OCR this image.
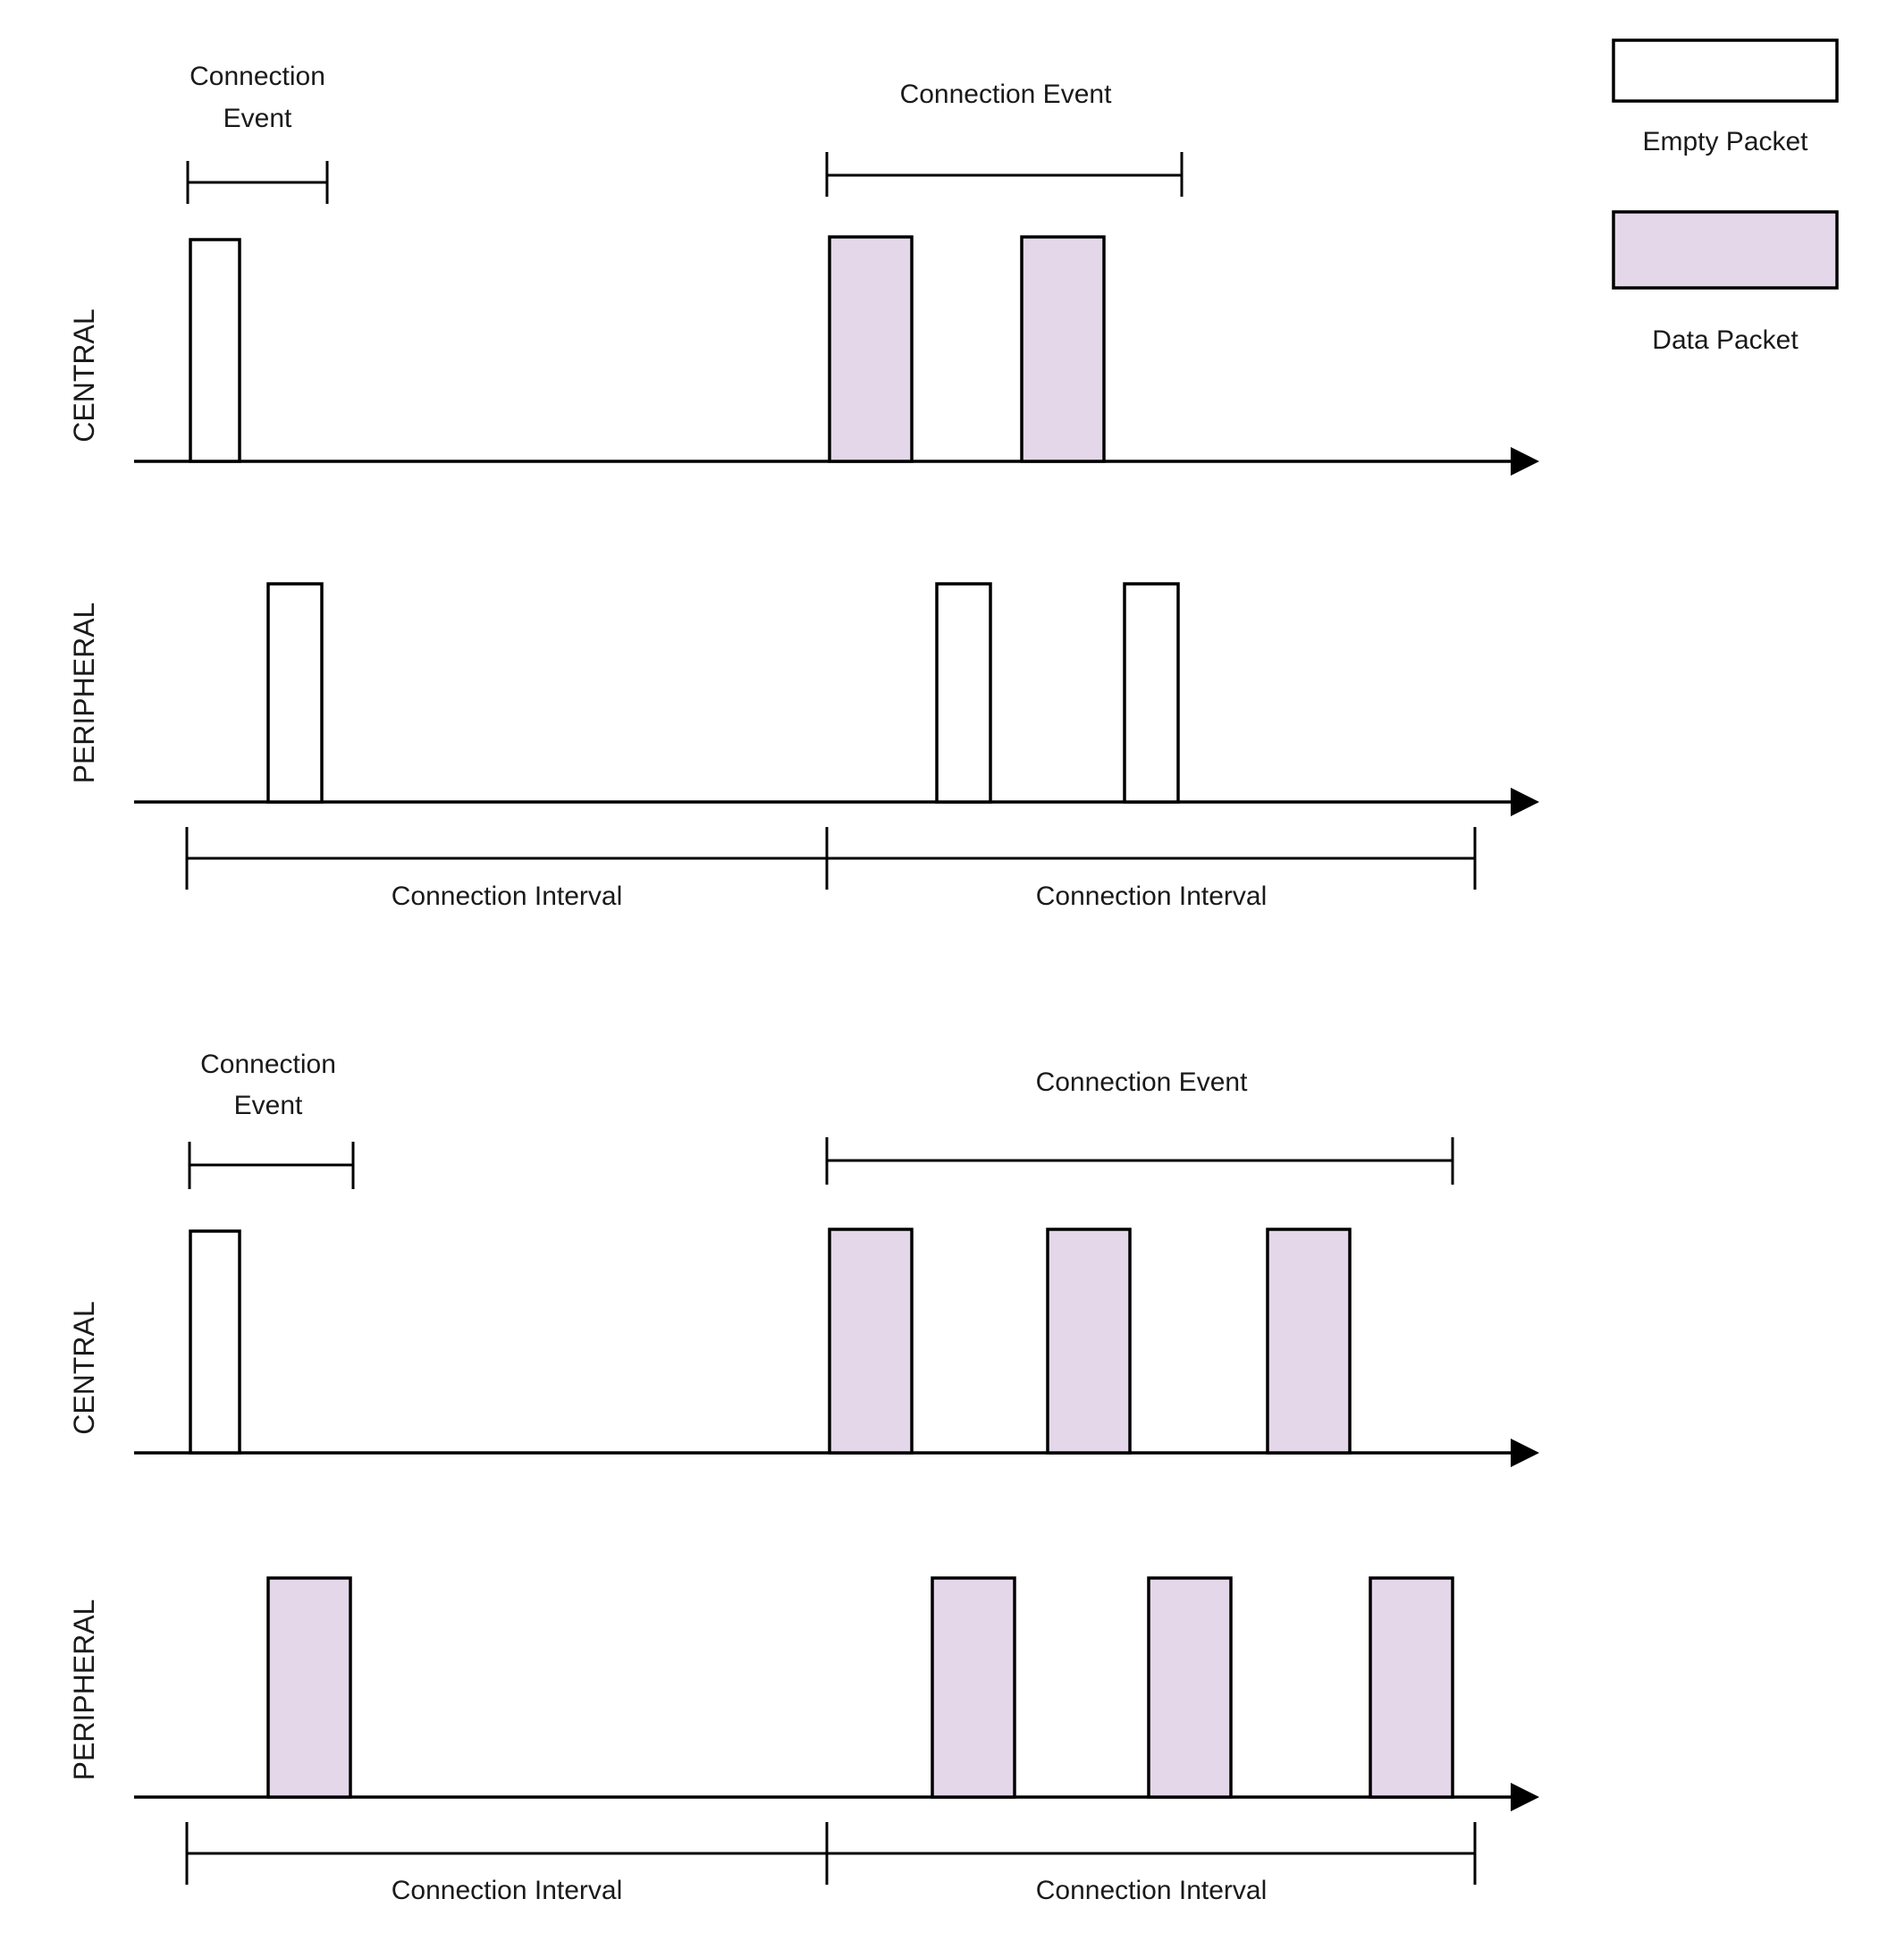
Empty Packet
Data Packet
Connection
Event
Connection Event
CENTRAL
PERIPHERAL
Connection Interval	Connection Interval
Connection
Event
Connection Event
CENTRAL
PERIPHERAL
Connection Interval	Connection Interval
